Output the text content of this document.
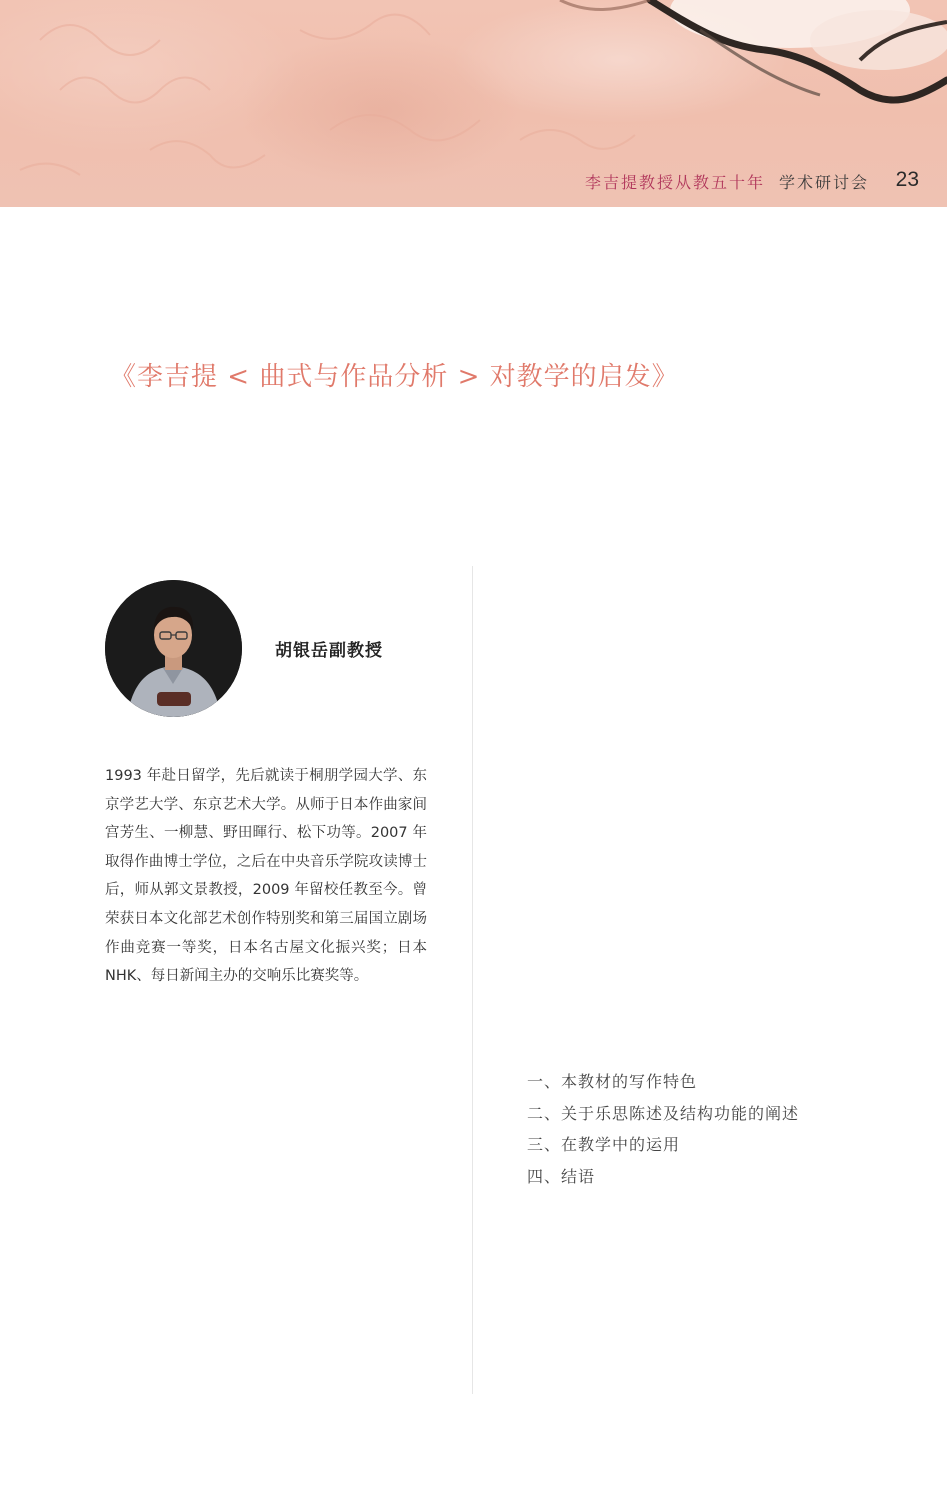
李吉提教授从教五十年 学术研讨会 23
《李吉提 < 曲式与作品分析 > 对教学的启发》
胡银岳副教授
1993 年赴日留学，先后就读于桐朋学园大学、东京学艺大学、东京艺术大学。从师于日本作曲家间宫芳生、一柳慧、野田暉行、松下功等。2007 年取得作曲博士学位，之后在中央音乐学院攻读博士后，师从郭文景教授，2009 年留校任教至今。曾荣获日本文化部艺术创作特别奖和第三届国立剧场作曲竞赛一等奖，日本名古屋文化振兴奖；日本 NHK、每日新闻主办的交响乐比赛奖等。
一、本教材的写作特色
二、关于乐思陈述及结构功能的阐述
三、在教学中的运用
四、结语
